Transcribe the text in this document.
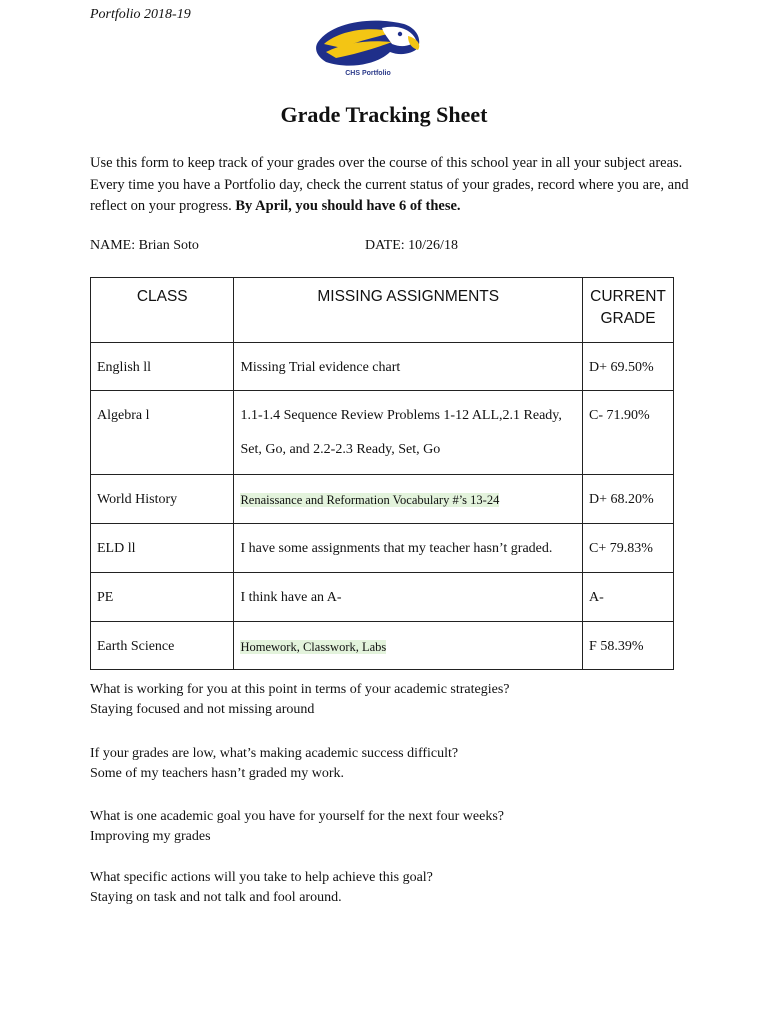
Portfolio 2018-19
CHS Portfolio
Grade Tracking Sheet
Use this form to keep track of your grades over the course of this school year in all your subject areas. Every time you have a Portfolio day, check the current status of your grades, record where you are, and reflect on your progress. By April, you should have 6 of these.
NAME: Brian Soto	DATE: 10/26/18
CLASS	MISSING ASSIGNMENTS	CURRENT GRADE
English ll	Missing Trial evidence chart	D+ 69.50%
Algebra l	1.1-1.4 Sequence Review Problems 1-12 ALL,2.1 Ready, Set, Go, and 2.2-2.3 Ready, Set, Go	C- 71.90%
World History	Renaissance and Reformation Vocabulary #’s 13-24	D+ 68.20%
ELD ll	I have some assignments that my teacher hasn’t graded.	C+ 79.83%
PE	I think have an A-	A-
Earth Science	Homework, Classwork, Labs	F 58.39%
What is working for you at this point in terms of your academic strategies?
Staying focused and not missing around
If your grades are low, what’s making academic success difficult?
Some of my teachers hasn’t graded my work.
What is one academic goal you have for yourself for the next four weeks?
Improving my grades
What specific actions will you take to help achieve this goal?
Staying on task and not talk and fool around.
